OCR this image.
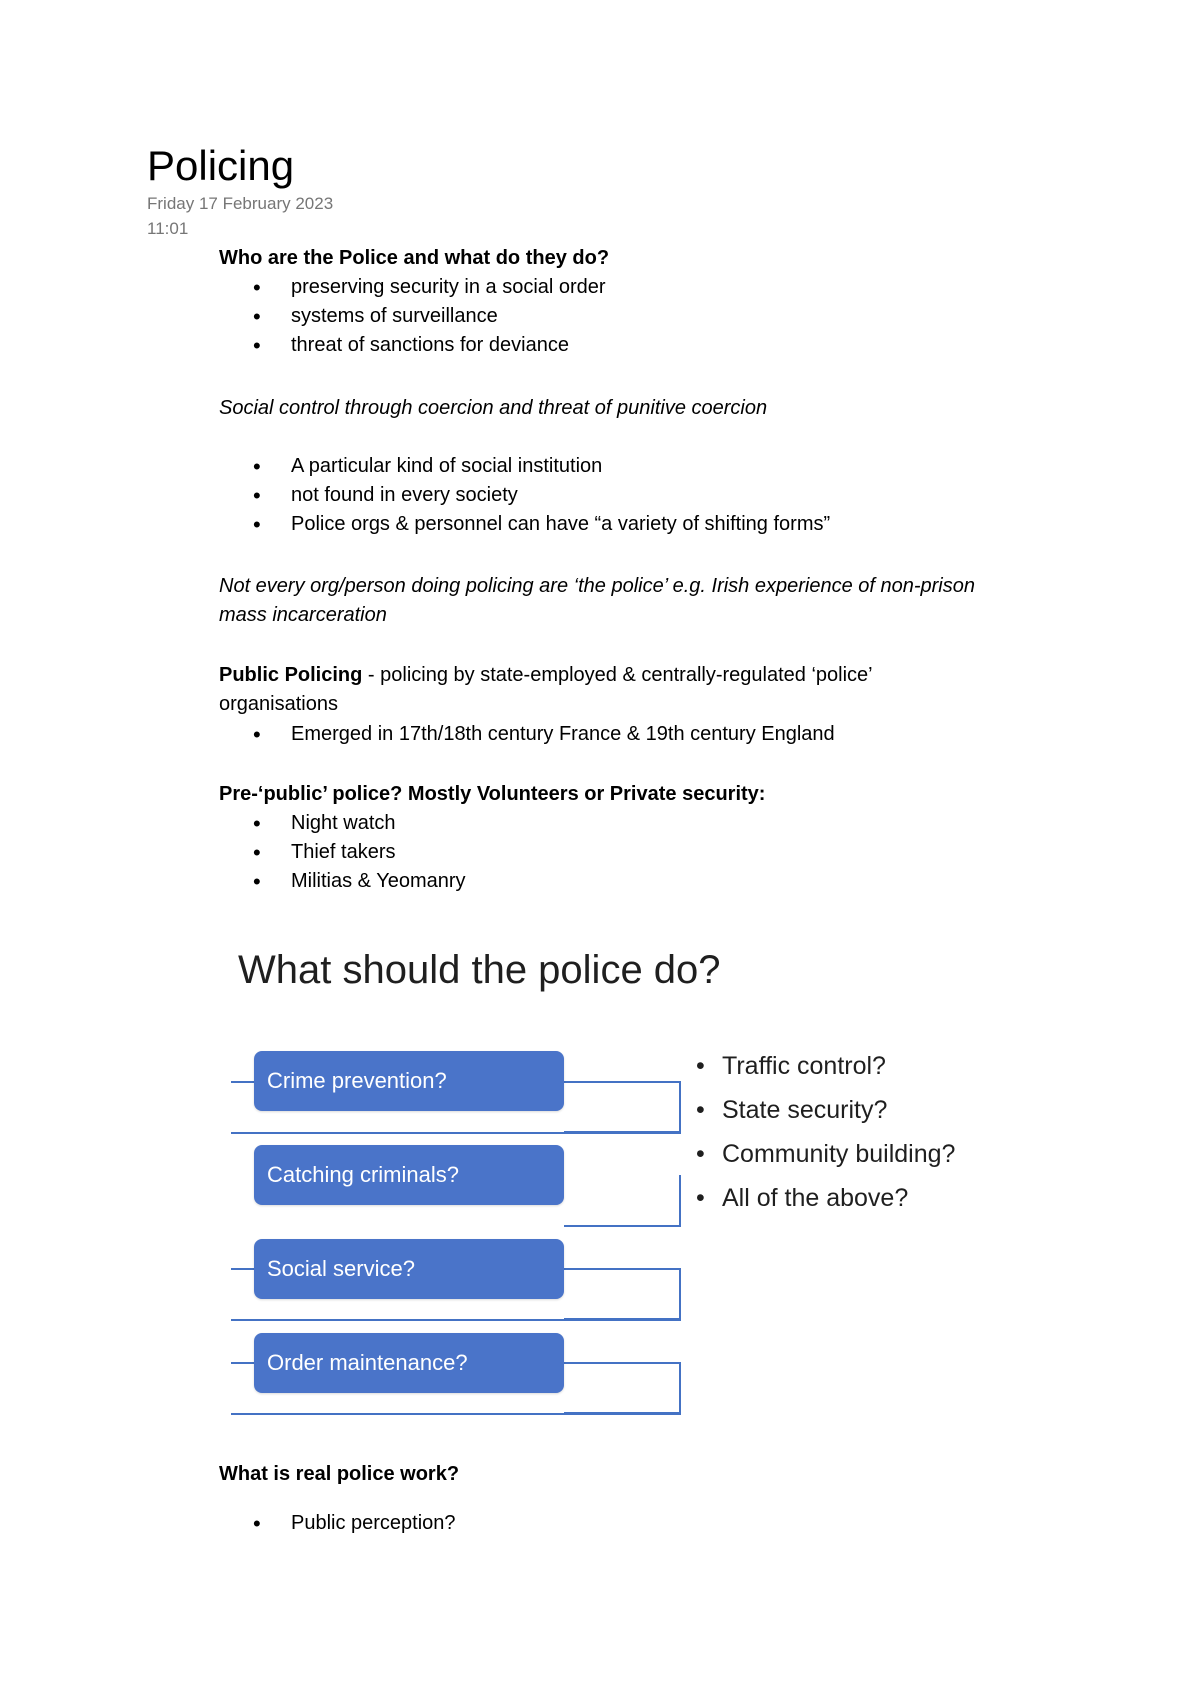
Policing
Friday 17 February 2023
11:01
Who are the Police and what do they do?
• preserving security in a social order
• systems of surveillance
• threat of sanctions for deviance
Social control through coercion and threat of punitive coercion
• A particular kind of social institution
• not found in every society
• Police orgs & personnel can have “a variety of shifting forms”
Not every org/person doing policing are ‘the police’ e.g. Irish experience of non-prison mass incarceration
Public Policing - policing by state-employed & centrally-regulated ‘police’ organisations
• Emerged in 17th/18th century France & 19th century England
Pre-‘public’ police? Mostly Volunteers or Private security:
• Night watch
• Thief takers
• Militias & Yeomanry
What should the police do?
Crime prevention?
Catching criminals?
Social service?
Order maintenance?
• Traffic control?
• State security?
• Community building?
• All of the above?
What is real police work?
• Public perception?
